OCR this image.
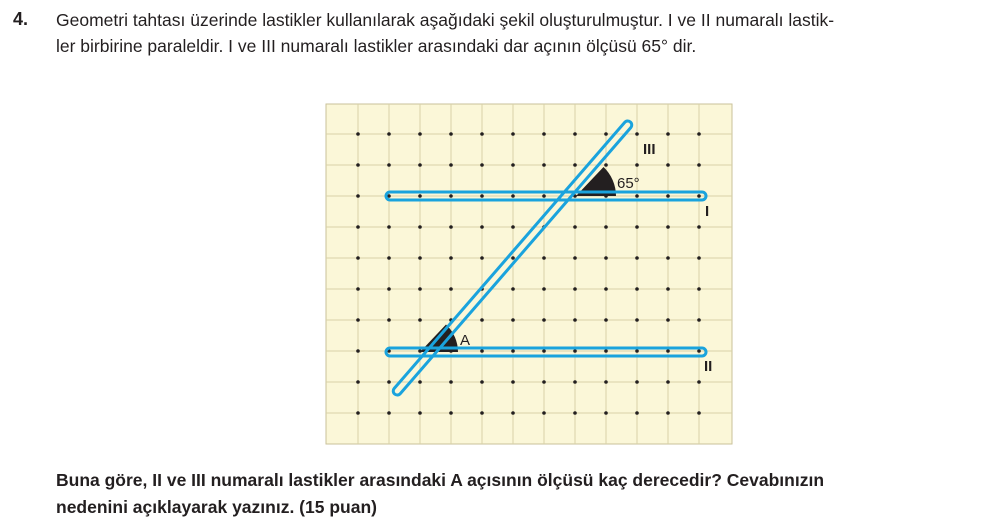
4. Geometri tahtası üzerinde lastikler kullanılarak aşağıdaki şekil oluşturulmuştur. I ve II numaralı lastik-
ler birbirine paraleldir. I ve III numaralı lastikler arasındaki dar açının ölçüsü 65° dir.
III
I
II
65°
A
Buna göre, II ve III numaralı lastikler arasındaki A açısının ölçüsü kaç derecedir? Cevabınızın
nedenini açıklayarak yazınız. (15 puan)
